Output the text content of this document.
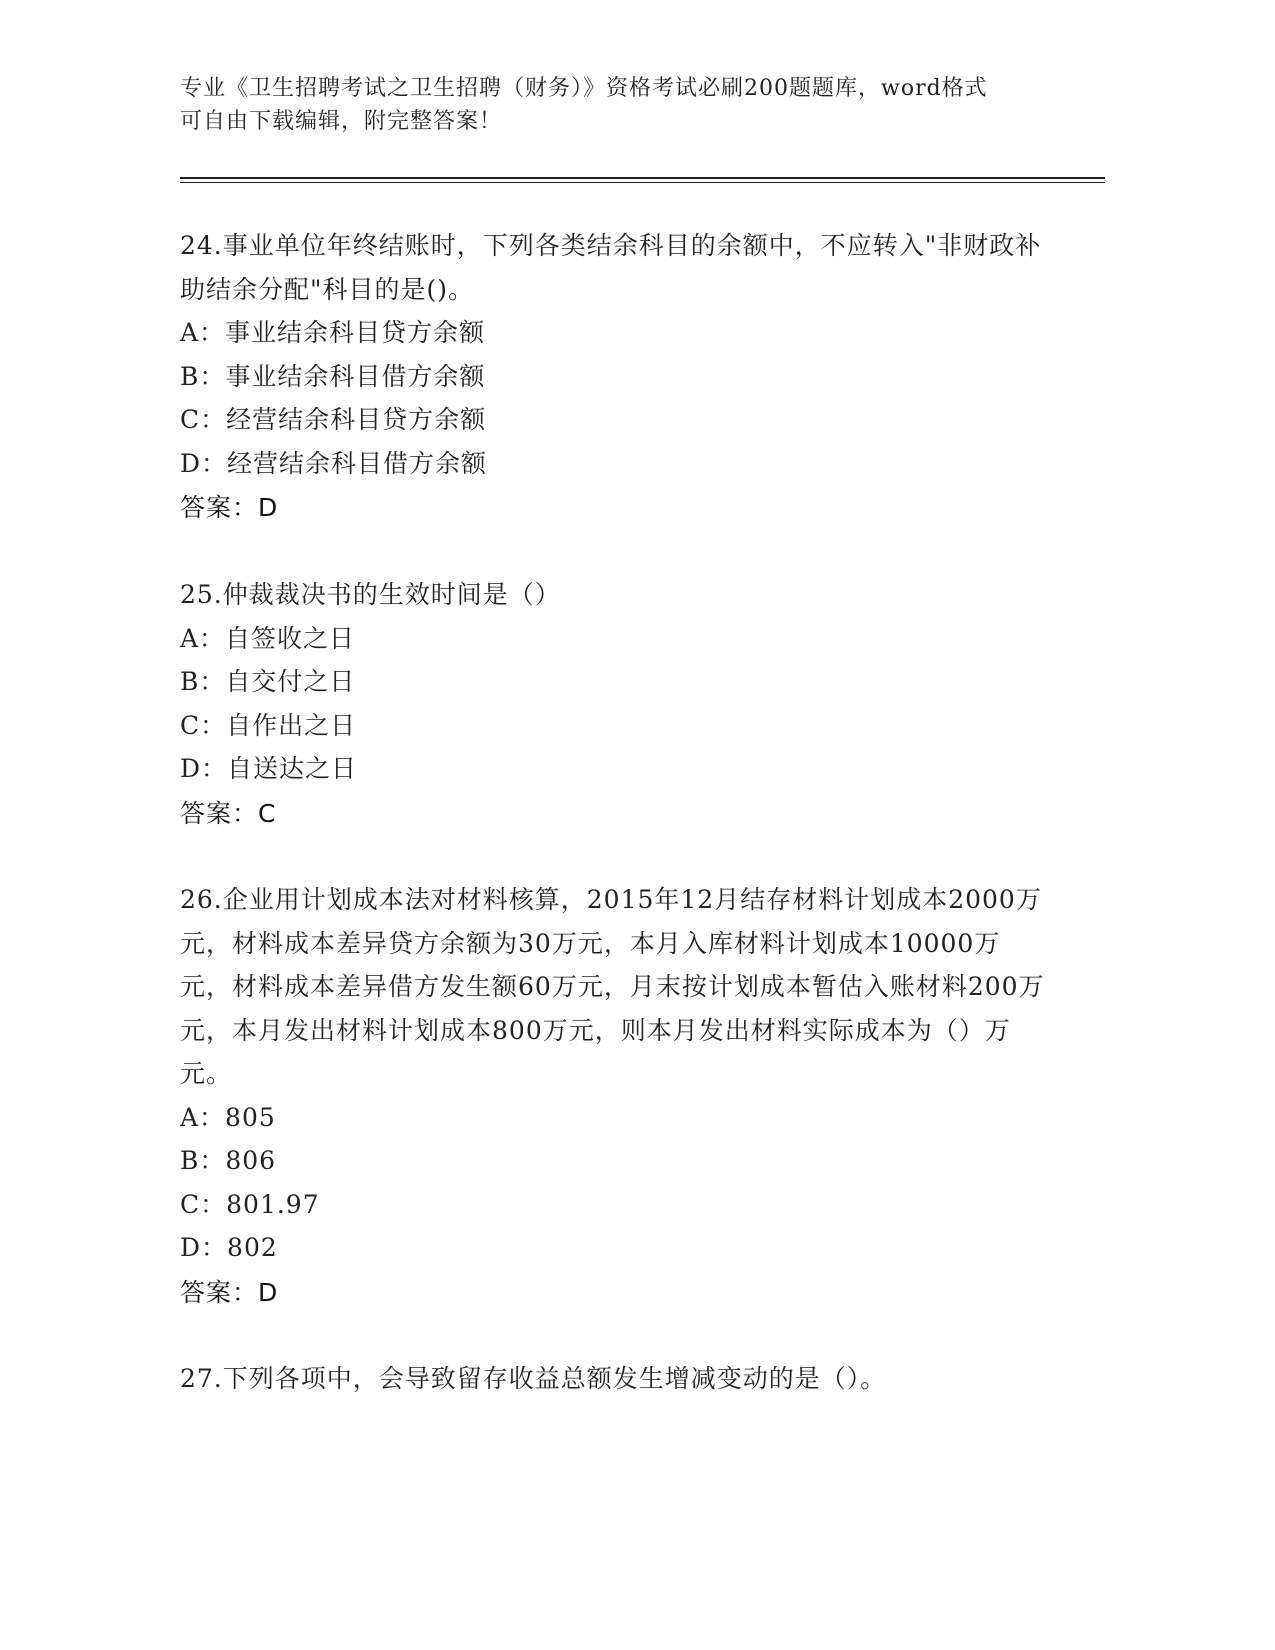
专业《卫生招聘考试之卫生招聘（财务）》资格考试必刷200题题库，word格式
可自由下载编辑，附完整答案！
24.事业单位年终结账时，下列各类结余科目的余额中，不应转入"非财政补助结余分配"科目的是()。
A：事业结余科目贷方余额
B：事业结余科目借方余额
C：经营结余科目贷方余额
D：经营结余科目借方余额
答案：D
25.仲裁裁决书的生效时间是（）
A：自签收之日
B：自交付之日
C：自作出之日
D：自送达之日
答案：C
26.企业用计划成本法对材料核算，2015年12月结存材料计划成本2000万元，材料成本差异贷方余额为30万元，本月入库材料计划成本10000万元，材料成本差异借方发生额60万元，月末按计划成本暂估入账材料200万元，本月发出材料计划成本800万元，则本月发出材料实际成本为（）万元。
A：805
B：806
C：801.97
D：802
答案：D
27.下列各项中，会导致留存收益总额发生增减变动的是（）。
